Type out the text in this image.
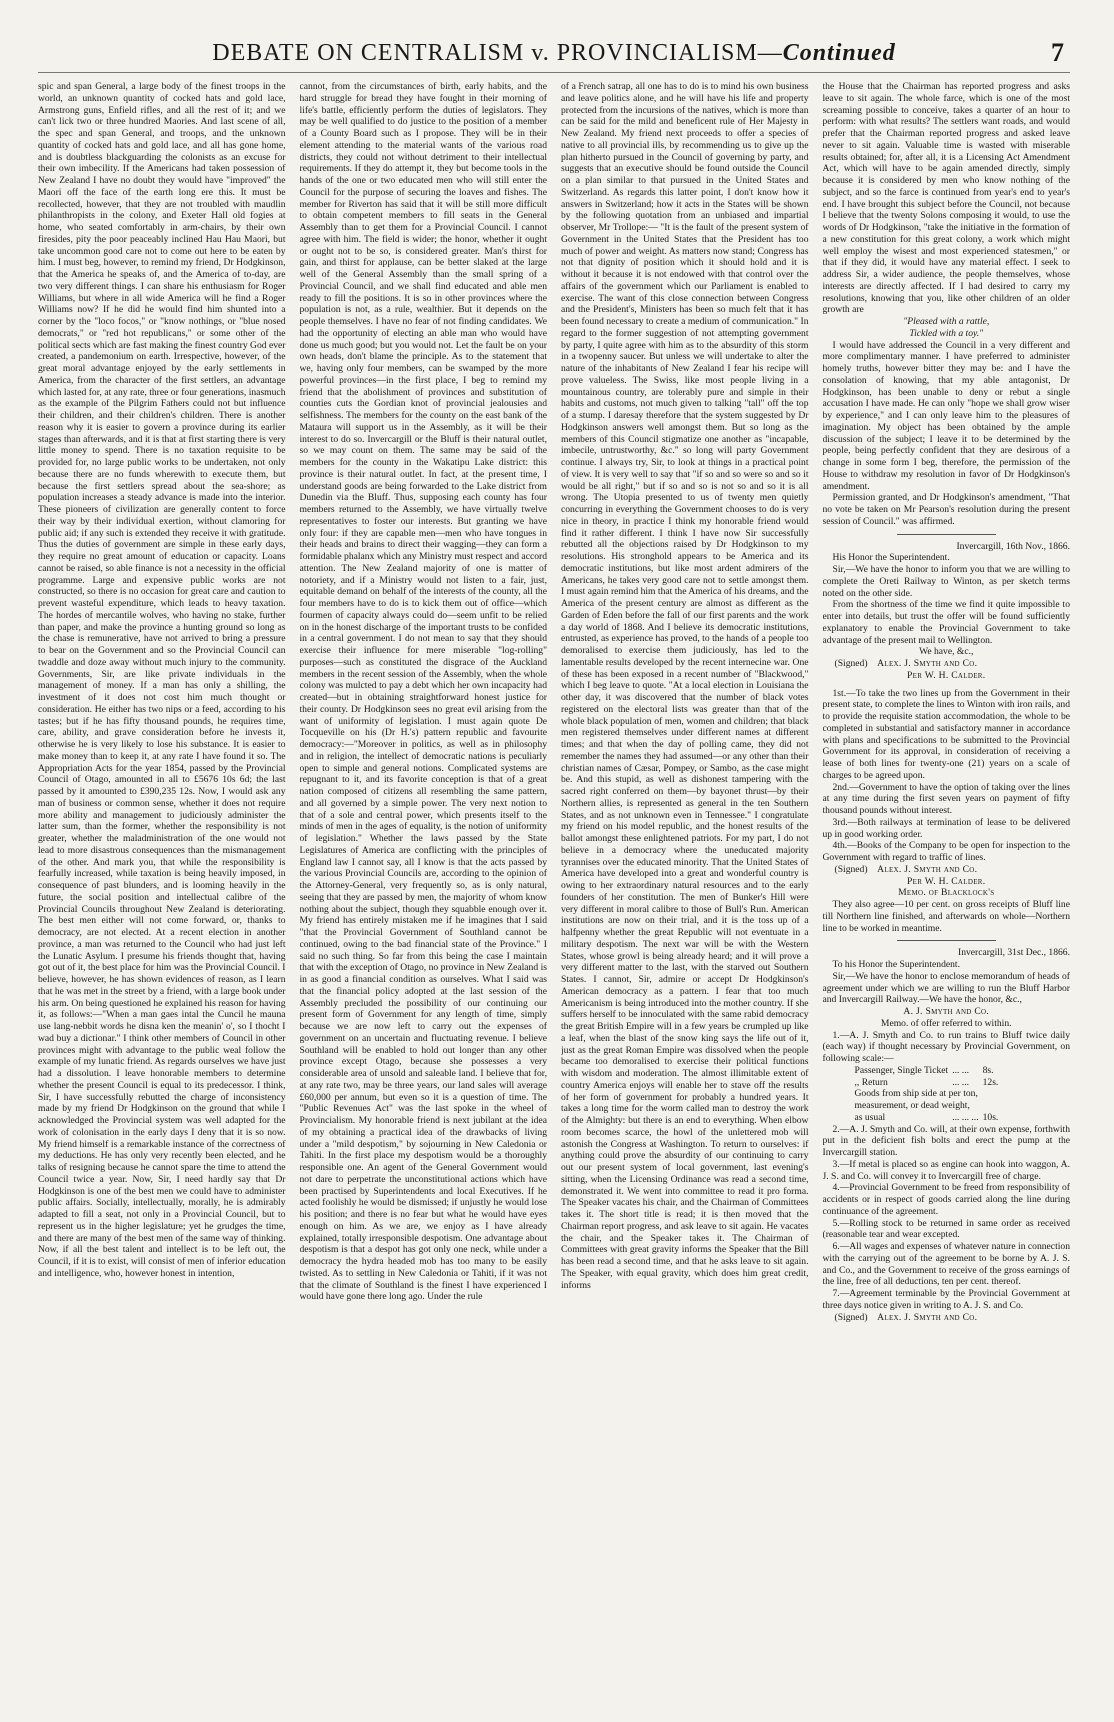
DEBATE ON CENTRALISM v. PROVINCIALISM—Continued	7

spic and span General, a large body of the finest troops in the world, an unknown quantity of cocked hats and gold lace, Armstrong guns, Enfield rifles, and all the rest of it; and we can't lick two or three hundred Maories. And last scene of all, the spec and span General, and troops, and the unknown quantity of cocked hats and gold lace, and all has gone home, and is doubtless blackguarding the colonists as an excuse for their own imbecility. If the Americans had taken possession of New Zealand I have no doubt they would have "improved" the Maori off the face of the earth long ere this. It must be recollected, however, that they are not troubled with maudlin philanthropists in the colony, and Exeter Hall old fogies at home, who seated comfortably in arm-chairs, by their own firesides, pity the poor peaceably inclined Hau Hau Maori, but take uncommon good care not to come out here to be eaten by him. I must beg, however, to remind my friend, Dr Hodgkinson, that the America he speaks of, and the America of to-day, are two very different things. I can share his enthusiasm for Roger Williams, but where in all wide America will he find a Roger Williams now? If he did he would find him shunted into a corner by the "loco focos," or "know nothings, or "blue nosed democrats," or "red hot republicans," or some other of the political sects which are fast making the finest country God ever created, a pandemonium on earth. Irrespective, however, of the great moral advantage enjoyed by the early settlements in America, from the character of the first settlers, an advantage which lasted for, at any rate, three or four generations, inasmuch as the example of the Pilgrim Fathers could not but influence their children, and their children's children. There is another reason why it is easier to govern a province during its earlier stages than afterwards, and it is that at first starting there is very little money to spend. There is no taxation requisite to be provided for, no large public works to be undertaken, not only because there are no funds wherewith to execute them, but because the first settlers spread about the sea-shore; as population increases a steady advance is made into the interior. These pioneers of civilization are generally content to force their way by their individual exertion, without clamoring for public aid; if any such is extended they receive it with gratitude. Thus the duties of government are simple in these early days, they require no great amount of education or capacity. Loans cannot be raised, so able finance is not a necessity in the official programme. Large and expensive public works are not constructed, so there is no occasion for great care and caution to prevent wasteful expenditure, which leads to heavy taxation. The hordes of mercantile wolves, who having no stake, further than paper, and make the province a hunting ground so long as the chase is remunerative, have not arrived to bring a pressure to bear on the Government and so the Provincial Council can twaddle and doze away without much injury to the community. Governments, Sir, are like private individuals in the management of money. If a man has only a shilling, the investment of it does not cost him much thought or consideration. He either has two nips or a feed, according to his tastes; but if he has fifty thousand pounds, he requires time, care, ability, and grave consideration before he invests it, otherwise he is very likely to lose his substance. It is easier to make money than to keep it, at any rate I have found it so. The Appropriation Acts for the year 1854, passed by the Provincial Council of Otago, amounted in all to £5676 10s 6d; the last passed by it amounted to £390,235 12s. Now, I would ask any man of business or common sense, whether it does not require more ability and management to judiciously administer the latter sum, than the former, whether the responsibility is not greater, whether the maladministration of the one would not lead to more disastrous consequences than the mismanagement of the other. And mark you, that while the responsibility is fearfully increased, while taxation is being heavily imposed, in consequence of past blunders, and is looming heavily in the future, the social position and intellectual calibre of the Provincial Councils throughout New Zealand is deteriorating. The best men either will not come forward, or, thanks to democracy, are not elected. At a recent election in another province, a man was returned to the Council who had just left the Lunatic Asylum. I presume his friends thought that, having got out of it, the best place for him was the Provincial Council. I believe, however, he has shown evidences of reason, as I learn that he was met in the street by a friend, with a large book under his arm. On being questioned he explained his reason for having it, as follows:—"When a man gaes intal the Cuncil he mauna use lang-nebbit words he disna ken the meanin' o', so I thocht I wad buy a dictionar." I think other members of Council in other provinces might with advantage to the public weal follow the example of my lunatic friend. As regards ourselves we have just had a dissolution. I leave honorable members to determine whether the present Council is equal to its predecessor. I think, Sir, I have successfully rebutted the charge of inconsistency made by my friend Dr Hodgkinson on the ground that while I acknowledged the Provincial system was well adapted for the work of colonisation in the early days I deny that it is so now. My friend himself is a remarkable instance of the correctness of my deductions. He has only very recently been elected, and he talks of resigning because he cannot spare the time to attend the Council twice a year. Now, Sir, I need hardly say that Dr Hodgkinson is one of the best men we could have to administer public affairs. Socially, intellectually, morally, he is admirably adapted to fill a seat, not only in a Provincial Council, but to represent us in the higher legislature; yet he grudges the time, and there are many of the best men of the same way of thinking. Now, if all the best talent and intellect is to be left out, the Council, if it is to exist, will consist of men of inferior education and intelligence, who, however honest in intention,

cannot, from the circumstances of birth, early habits, and the hard struggle for bread they have fought in their morning of life's battle, efficiently perform the duties of legislators. They may be well qualified to do justice to the position of a member of a County Board such as I propose. They will be in their element attending to the material wants of the various road districts, they could not without detriment to their intellectual requirements. If they do attempt it, they but become tools in the hands of the one or two educated men who will still enter the Council for the purpose of securing the loaves and fishes. The member for Riverton has said that it will be still more difficult to obtain competent members to fill seats in the General Assembly than to get them for a Provincial Council. I cannot agree with him. The field is wider; the honor, whether it ought or ought not to be so, is considered greater. Man's thirst for gain, and thirst for applause, can be better slaked at the large well of the General Assembly than the small spring of a Provincial Council, and we shall find educated and able men ready to fill the positions. It is so in other provinces where the population is not, as a rule, wealthier. But it depends on the people themselves. I have no fear of not finding candidates. We had the opportunity of electing an able man who would have done us much good; but you would not. Let the fault be on your own heads, don't blame the principle. As to the statement that we, having only four members, can be swamped by the more powerful provinces—in the first place, I beg to remind my friend that the abolishment of provinces and substitution of counties cuts the Gordian knot of provincial jealousies and selfishness. The members for the county on the east bank of the Mataura will support us in the Assembly, as it will be their interest to do so. Invercargill or the Bluff is their natural outlet, so we may count on them. The same may be said of the members for the county in the Wakatipu Lake district: this province is their natural outlet. In fact, at the present time, I understand goods are being forwarded to the Lake district from Dunedin via the Bluff. Thus, supposing each county has four members returned to the Assembly, we have virtually twelve representatives to foster our interests. But granting we have only four: if they are capable men—men who have tongues in their heads and brains to direct their wagging—they can form a formidable phalanx which any Ministry must respect and accord attention. The New Zealand majority of one is matter of notoriety, and if a Ministry would not listen to a fair, just, equitable demand on behalf of the interests of the county, all the four members have to do is to kick them out of office—which fourmen of capacity always could do—seem unfit to be relied on in the honest discharge of the important trusts to be confided in a central government. I do not mean to say that they should exercise their influence for mere miserable "log-rolling" purposes—such as constituted the disgrace of the Auckland members in the recent session of the Assembly, when the whole colony was mulcted to pay a debt which her own incapacity had created—but in obtaining straightforward honest justice for their county. Dr Hodgkinson sees no great evil arising from the want of uniformity of legislation. I must again quote De Tocqueville on his (Dr H.'s) pattern republic and favourite democracy:—"Moreover in politics, as well as in philosophy and in religion, the intellect of democratic nations is peculiarly open to simple and general notions. Complicated systems are repugnant to it, and its favorite conception is that of a great nation composed of citizens all resembling the same pattern, and all governed by a simple power. The very next notion to that of a sole and central power, which presents itself to the minds of men in the ages of equality, is the notion of uniformity of legislation." Whether the laws passed by the State Legislatures of America are conflicting with the principles of England law I cannot say, all I know is that the acts passed by the various Provincial Councils are, according to the opinion of the Attorney-General, very frequently so, as is only natural, seeing that they are passed by men, the majority of whom know nothing about the subject, though they squabble enough over it. My friend has entirely mistaken me if he imagines that I said "that the Provincial Government of Southland cannot be continued, owing to the bad financial state of the Province." I said no such thing. So far from this being the case I maintain that with the exception of Otago, no province in New Zealand is in as good a financial condition as ourselves. What I said was that the financial policy adopted at the last session of the Assembly precluded the possibility of our continuing our present form of Government for any length of time, simply because we are now left to carry out the expenses of government on an uncertain and fluctuating revenue. I believe Southland will be enabled to hold out longer than any other province except Otago, because she possesses a very considerable area of unsold and saleable land. I believe that for, at any rate two, may be three years, our land sales will average £60,000 per annum, but even so it is a question of time. The "Public Revenues Act" was the last spoke in the wheel of Provincialism. My honorable friend is next jubilant at the idea of my obtaining a practical idea of the drawbacks of living under a "mild despotism," by sojourning in New Caledonia or Tahiti. In the first place my despotism would be a thoroughly responsible one. An agent of the General Government would not dare to perpetrate the unconstitutional actions which have been practised by Superintendents and local Executives. If he acted foolishly he would be dismissed; if unjustly he would lose his position; and there is no fear but what he would have eyes enough on him. As we are, we enjoy as I have already explained, totally irresponsible despotism. One advantage about despotism is that a despot has got only one neck, while under a democracy the hydra headed mob has too many to be easily twisted. As to settling in New Caledonia or Tahiti, if it was not that the climate of Southland is the finest I have experienced I would have gone there long ago. Under the rule

of a French satrap, all one has to do is to mind his own business and leave politics alone, and he will have his life and property protected from the incursions of the natives, which is more than can be said for the mild and beneficent rule of Her Majesty in New Zealand. My friend next proceeds to offer a species of native to all provincial ills, by recommending us to give up the plan hitherto pursued in the Council of governing by party, and suggests that an executive should be found outside the Council on a plan similar to that pursued in the United States and Switzerland. As regards this latter point, I don't know how it answers in Switzerland; how it acts in the States will be shown by the following quotation from an unbiased and impartial observer, Mr Trollope:— "It is the fault of the present system of Government in the United States that the President has too much of power and weight. As matters now stand; Congress has not that dignity of position which it should hold and it is without it because it is not endowed with that control over the affairs of the government which our Parliament is enabled to exercise. The want of this close connection between Congress and the President's, Ministers has been so much felt that it has been found necessary to create a medium of communication." In regard to the former suggestion of not attempting government by party, I quite agree with him as to the absurdity of this storm in a twopenny saucer. But unless we will undertake to alter the nature of the inhabitants of New Zealand I fear his recipe will prove valueless. The Swiss, like most people living in a mountainous country, are tolerably pure and simple in their habits and customs, not much given to talking "tall" off the top of a stump. I daresay therefore that the system suggested by Dr Hodgkinson answers well amongst them. But so long as the members of this Council stigmatize one another as "incapable, imbecile, untrustworthy, &c." so long will party Government continue. I always try, Sir, to look at things in a practical point of view. It is very well to say that "if so and so were so and so it would be all right," but if so and so is not so and so it is all wrong. The Utopia presented to us of twenty men quietly concurring in everything the Government chooses to do is very nice in theory, in practice I think my honorable friend would find it rather different. I think I have now Sir successfully rebutted all the objections raised by Dr Hodgkinson to my resolutions. His stronghold appears to be America and its democratic institutions, but like most ardent admirers of the Americans, he takes very good care not to settle amongst them. I must again remind him that the America of his dreams, and the America of the present century are almost as different as the Garden of Eden before the fall of our first parents and the work a day world of 1868. And I believe its democratic institutions, entrusted, as experience has proved, to the hands of a people too demoralised to exercise them judiciously, has led to the lamentable results developed by the recent internecine war. One of these has been exposed in a recent number of "Blackwood," which I beg leave to quote. "At a local election in Louisiana the other day, it was discovered that the number of black votes registered on the electoral lists was greater than that of the whole black population of men, women and children; that black men registered themselves under different names at different times; and that when the day of polling came, they did not remember the names they had assumed—or any other than their christian names of Cæsar, Pompey, or Sambo, as the case might be. And this stupid, as well as dishonest tampering with the sacred right conferred on them—by bayonet thrust—by their Northern allies, is represented as general in the ten Southern States, and as not unknown even in Tennessee." I congratulate my friend on his model republic, and the honest results of the ballot amongst these enlightened patriots. For my part, I do not believe in a democracy where the uneducated majority tyrannises over the educated minority. That the United States of America have developed into a great and wonderful country is owing to her extraordinary natural resources and to the early founders of her constitution. The men of Bunker's Hill were very different in moral calibre to those of Bull's Run. American institutions are now on their trial, and it is the toss up of a halfpenny whether the great Republic will not eventuate in a military despotism. The next war will be with the Western States, whose growl is being already heard; and it will prove a very different matter to the last, with the starved out Southern States. I cannot, Sir, admire or accept Dr Hodgkinson's American democracy as a pattern. I fear that too much Americanism is being introduced into the mother country. If she suffers herself to be innoculated with the same rabid democracy the great British Empire will in a few years be crumpled up like a leaf, when the blast of the snow king says the life out of it, just as the great Roman Empire was dissolved when the people became too demoralised to exercise their political functions with wisdom and moderation. The almost illimitable extent of country America enjoys will enable her to stave off the results of her form of government for probably a hundred years. It takes a long time for the worm called man to destroy the work of the Almighty: but there is an end to everything. When elbow room becomes scarce, the howl of the unlettered mob will astonish the Congress at Washington. To return to ourselves: if anything could prove the absurdity of our continuing to carry out our present system of local government, last evening's sitting, when the Licensing Ordinance was read a second time, demonstrated it. We went into committee to read it pro forma. The Speaker vacates his chair, and the Chairman of Committees takes it. The short title is read; it is then moved that the Chairman report progress, and ask leave to sit again. He vacates the chair, and the Speaker takes it. The Chairman of Committees with great gravity informs the Speaker that the Bill has been read a second time, and that he asks leave to sit again. The Speaker, with equal gravity, which does him great credit, informs

the House that the Chairman has reported progress and asks leave to sit again. The whole farce, which is one of the most screaming possible to conceive, takes a quarter of an hour to perform: with what results? The settlers want roads, and would prefer that the Chairman reported progress and asked leave never to sit again. Valuable time is wasted with miserable results obtained; for, after all, it is a Licensing Act Amendment Act, which will have to be again amended directly, simply because it is considered by men who know nothing of the subject, and so the farce is continued from year's end to year's end. I have brought this subject before the Council, not because I believe that the twenty Solons composing it would, to use the words of Dr Hodgkinson, "take the initiative in the formation of a new constitution for this great colony, a work which might well employ the wisest and most experienced statesmen," or that if they did, it would have any material effect. I seek to address Sir, a wider audience, the people themselves, whose interests are directly affected. If I had desired to carry my resolutions, knowing that you, like other children of an older growth are

"Pleased with a rattle,
Tickled with a toy."

I would have addressed the Council in a very different and more complimentary manner. I have preferred to administer homely truths, however bitter they may be: and I have the consolation of knowing, that my able antagonist, Dr Hodgkinson, has been unable to deny or rebut a single accusation I have made. He can only "hope we shall grow wiser by experience," and I can only leave him to the pleasures of imagination. My object has been obtained by the ample discussion of the subject; I leave it to be determined by the people, being perfectly confident that they are desirous of a change in some form I beg, therefore, the permission of the House to withdraw my resolution in favor of Dr Hodgkinson's amendment.

Permission granted, and Dr Hodgkinson's amendment, "That no vote be taken on Mr Pearson's resolution during the present session of Council." was affirmed.

Invercargill, 16th Nov., 1866.

His Honor the Superintendent.

Sir,—We have the honor to inform you that we are willing to complete the Oreti Railway to Winton, as per sketch terms noted on the other side.

From the shortness of the time we find it quite impossible to enter into details, but trust the offer will be found sufficiently explanatory to enable the Provincial Government to take advantage of the present mail to Wellington.

We have, &c.,

(Signed) Alex. J. Smyth and Co.

Per W. H. Calder.

1st.—To take the two lines up from the Government in their present state, to complete the lines to Winton with iron rails, and to provide the requisite station accommodation, the whole to be completed in substantial and satisfactory manner in accordance with plans and specifications to be submitted to the Provincial Government for its approval, in consideration of receiving a lease of both lines for twenty-one (21) years on a scale of charges to be agreed upon.

2nd.—Government to have the option of taking over the lines at any time during the first seven years on payment of fifty thousand pounds without interest.

3rd.—Both railways at termination of lease to be delivered up in good working order.

4th.—Books of the Company to be open for inspection to the Government with regard to traffic of lines.

(Signed) Alex. J. Smyth and Co.

Per W. H. Calder.

Memo. of Blacklock's

They also agree—10 per cent. on gross receipts of Bluff line till Northern line finished, and afterwards on whole—Northern line to be worked in meantime.

Invercargill, 31st Dec., 1866.

To his Honor the Superintendent.

Sir,—We have the honor to enclose memorandum of heads of agreement under which we are willing to run the Bluff Harbor and Invercargill Railway.—We have the honor, &c.,

A. J. Smyth and Co.

Memo. of offer referred to within.

1.—A. J. Smyth and Co. to run trains to Bluff twice daily (each way) if thought necessary by Provincial Government, on following scale:—

Passenger, Single Ticket	... ...	8s.
,, Return	... ...	12s.
Goods from ship side at per ton,		
measurement, or dead weight,		
as usual	... ... ...	10s.

2.—A. J. Smyth and Co. will, at their own expense, forthwith put in the deficient fish bolts and erect the pump at the Invercargill station.

3.—If metal is placed so as engine can hook into waggon, A. J. S. and Co. will convey it to Invercargill free of charge.

4.—Provincial Government to be freed from responsibility of accidents or in respect of goods carried along the line during continuance of the agreement.

5.—Rolling stock to be returned in same order as received (reasonable tear and wear excepted.

6.—All wages and expenses of whatever nature in connection with the carrying out of the agreement to be borne by A. J. S. and Co., and the Government to receive of the gross earnings of the line, free of all deductions, ten per cent. thereof.

7.—Agreement terminable by the Provincial Government at three days notice given in writing to A. J. S. and Co.

(Signed) Alex. J. Smyth and Co.
